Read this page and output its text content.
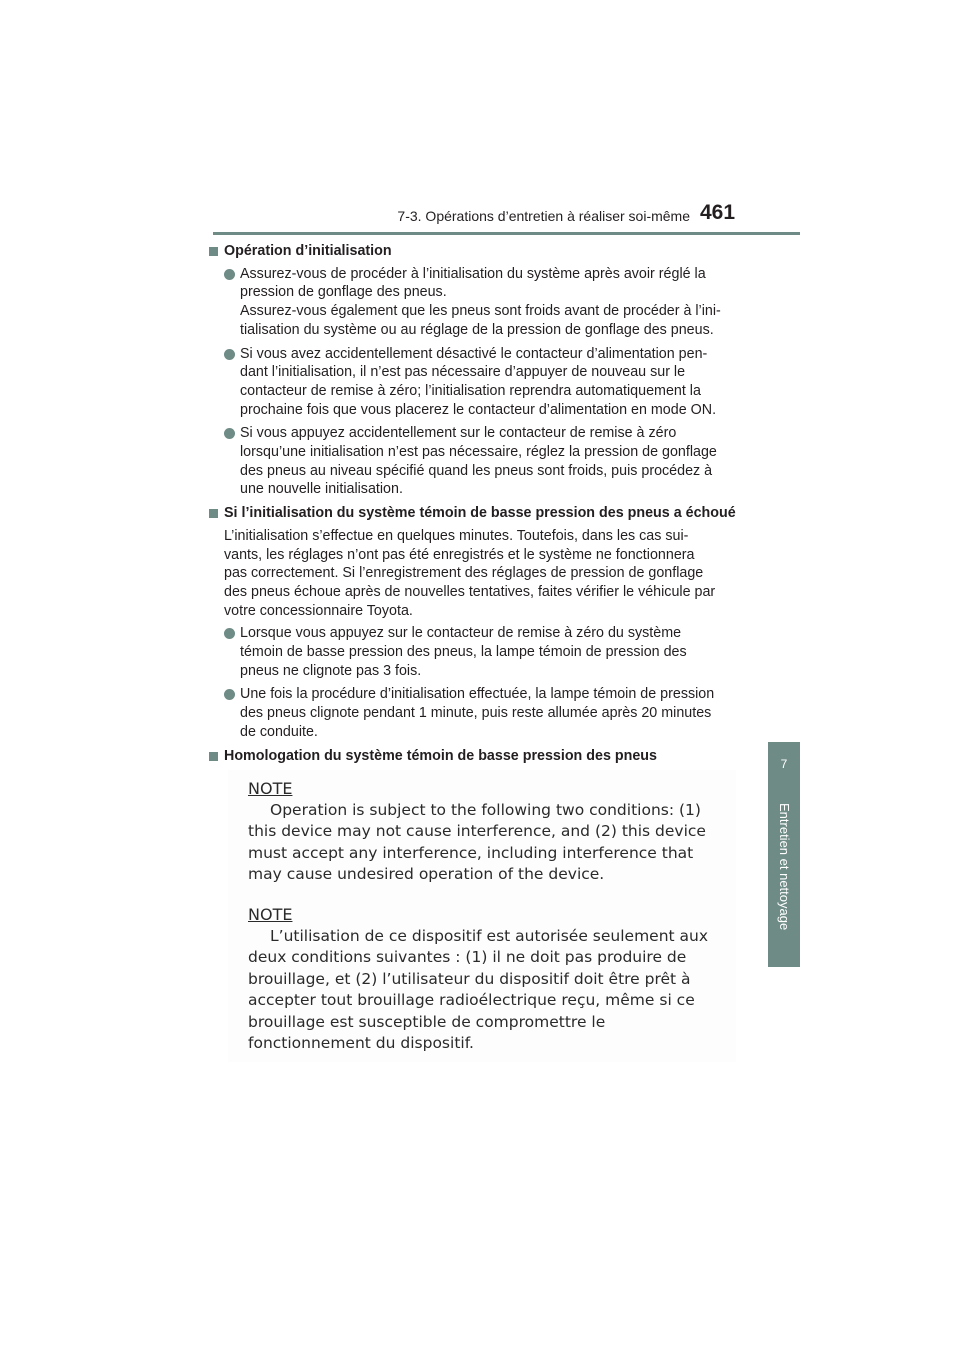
7-3. Opérations d’entretien à réaliser soi-même 461
7
Entretien et nettoyage
Opération d’initialisation
Assurez-vous de procéder à l’initialisation du système après avoir réglé la
pression de gonflage des pneus.
Assurez-vous également que les pneus sont froids avant de procéder à l’ini-
tialisation du système ou au réglage de la pression de gonflage des pneus.
Si vous avez accidentellement désactivé le contacteur d’alimentation pen-
dant l’initialisation, il n’est pas nécessaire d’appuyer de nouveau sur le
contacteur de remise à zéro; l’initialisation reprendra automatiquement la
prochaine fois que vous placerez le contacteur d’alimentation en mode ON.
Si vous appuyez accidentellement sur le contacteur de remise à zéro
lorsqu’une initialisation n’est pas nécessaire, réglez la pression de gonflage
des pneus au niveau spécifié quand les pneus sont froids, puis procédez à
une nouvelle initialisation.
Si l’initialisation du système témoin de basse pression des pneus a échoué
L’initialisation s’effectue en quelques minutes. Toutefois, dans les cas sui-
vants, les réglages n’ont pas été enregistrés et le système ne fonctionnera
pas correctement. Si l’enregistrement des réglages de pression de gonflage
des pneus échoue après de nouvelles tentatives, faites vérifier le véhicule par
votre concessionnaire Toyota.
Lorsque vous appuyez sur le contacteur de remise à zéro du système
témoin de basse pression des pneus, la lampe témoin de pression des
pneus ne clignote pas 3 fois.
Une fois la procédure d’initialisation effectuée, la lampe témoin de pression
des pneus clignote pendant 1 minute, puis reste allumée après 20 minutes
de conduite.
Homologation du système témoin de basse pression des pneus
NOTE
Operation is subject to the following two conditions: (1)
this device may not cause interference, and (2) this device
must accept any interference, including interference that
may cause undesired operation of the device.
NOTE
L’utilisation de ce dispositif est autorisée seulement aux
deux conditions suivantes : (1) il ne doit pas produire de
brouillage, et (2) l’utilisateur du dispositif doit être prêt à
accepter tout brouillage radioélectrique reçu, même si ce
brouillage est susceptible de compromettre le
fonctionnement du dispositif.
